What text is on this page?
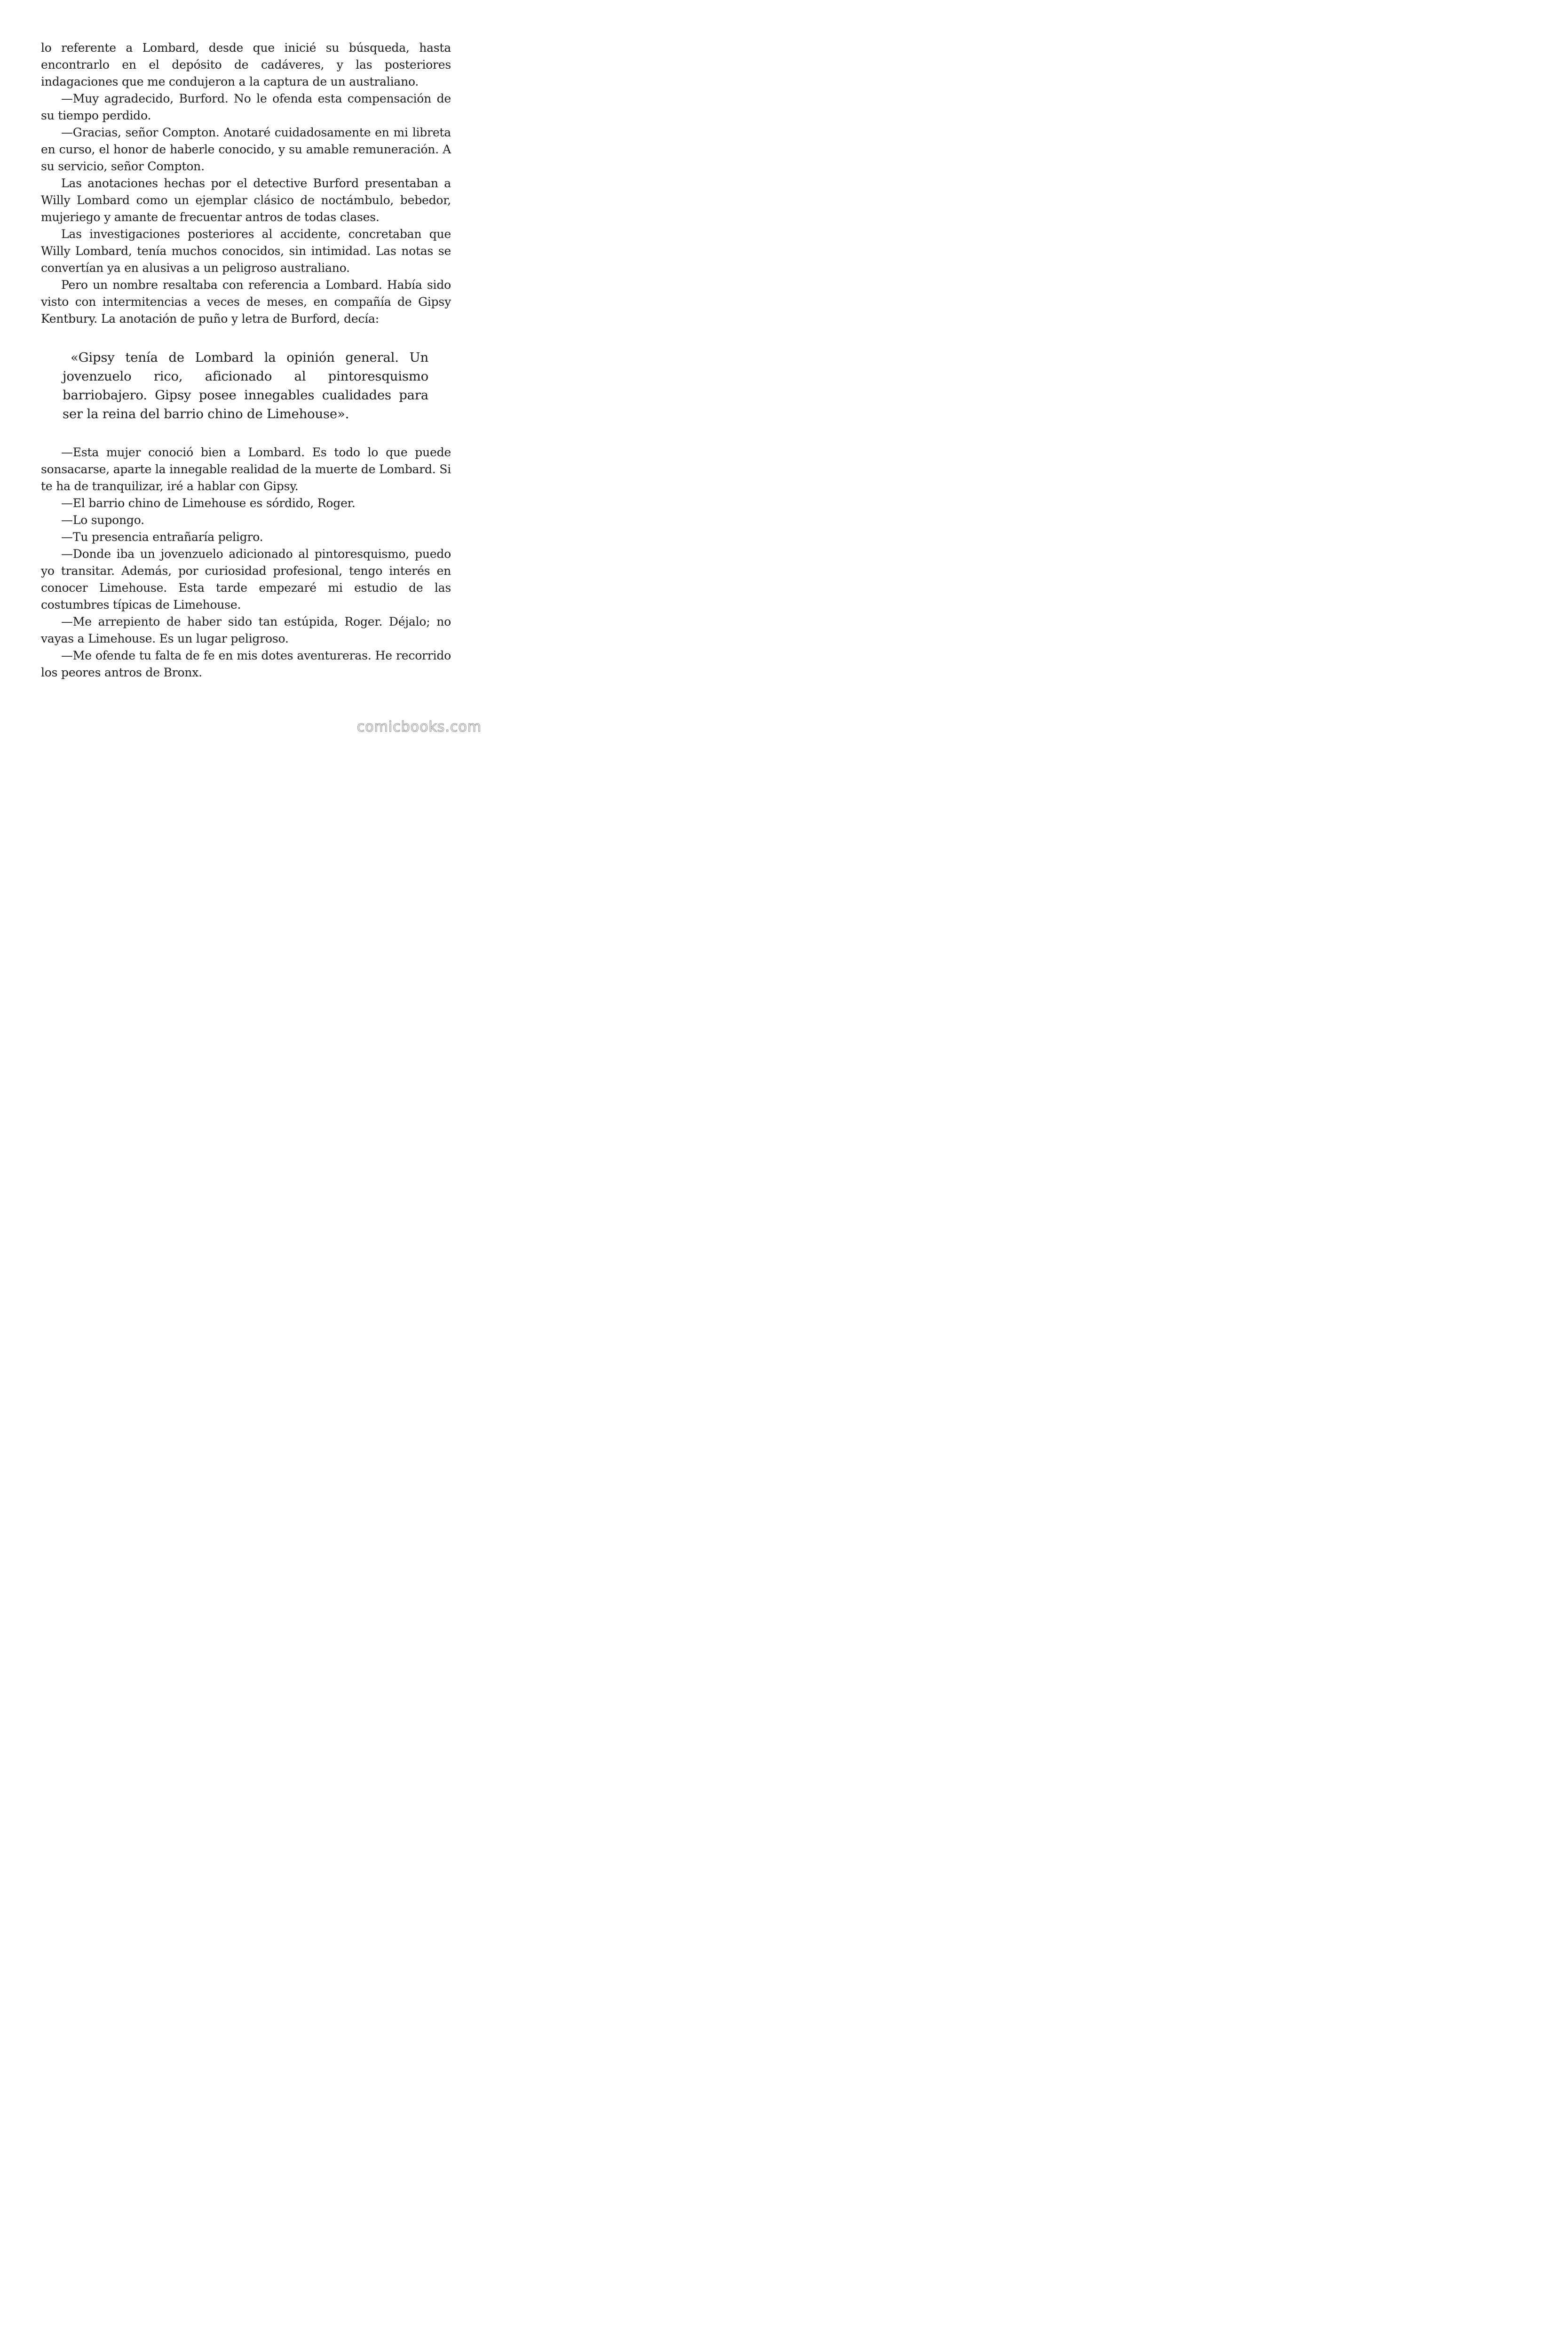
lo referente a Lombard, desde que inicié su búsqueda, hasta encontrarlo en el depósito de cadáveres, y las posteriores indagaciones que me condujeron a la captura de un australiano.

—Muy agradecido, Burford. No le ofenda esta compensación de su tiempo perdido.

—Gracias, señor Compton. Anotaré cuidadosamente en mi libreta en curso, el honor de haberle conocido, y su amable remuneración. A su servicio, señor Compton.

Las anotaciones hechas por el detective Burford presentaban a Willy Lombard como un ejemplar clásico de noctámbulo, bebedor, mujeriego y amante de frecuentar antros de todas clases.

Las investigaciones posteriores al accidente, concretaban que Willy Lombard, tenía muchos conocidos, sin intimidad. Las notas se convertían ya en alusivas a un peligroso australiano.

Pero un nombre resaltaba con referencia a Lombard. Había sido visto con intermitencias a veces de meses, en compañía de Gipsy Kentbury. La anotación de puño y letra de Burford, decía:

«Gipsy tenía de Lombard la opinión general. Un jovenzuelo rico, aficionado al pintoresquismo barriobajero. Gipsy posee innegables cualidades para ser la reina del barrio chino de Limehouse».

—Esta mujer conoció bien a Lombard. Es todo lo que puede sonsacarse, aparte la innegable realidad de la muerte de Lombard. Si te ha de tranquilizar, iré a hablar con Gipsy.

—El barrio chino de Limehouse es sórdido, Roger.

—Lo supongo.

—Tu presencia entrañaría peligro.

—Donde iba un jovenzuelo adicionado al pintoresquismo, puedo yo transitar. Además, por curiosidad profesional, tengo interés en conocer Limehouse. Esta tarde empezaré mi estudio de las costumbres típicas de Limehouse.

—Me arrepiento de haber sido tan estúpida, Roger. Déjalo; no vayas a Limehouse. Es un lugar peligroso.

—Me ofende tu falta de fe en mis dotes aventureras. He recorrido los peores antros de Bronx.

comicbooks.com
